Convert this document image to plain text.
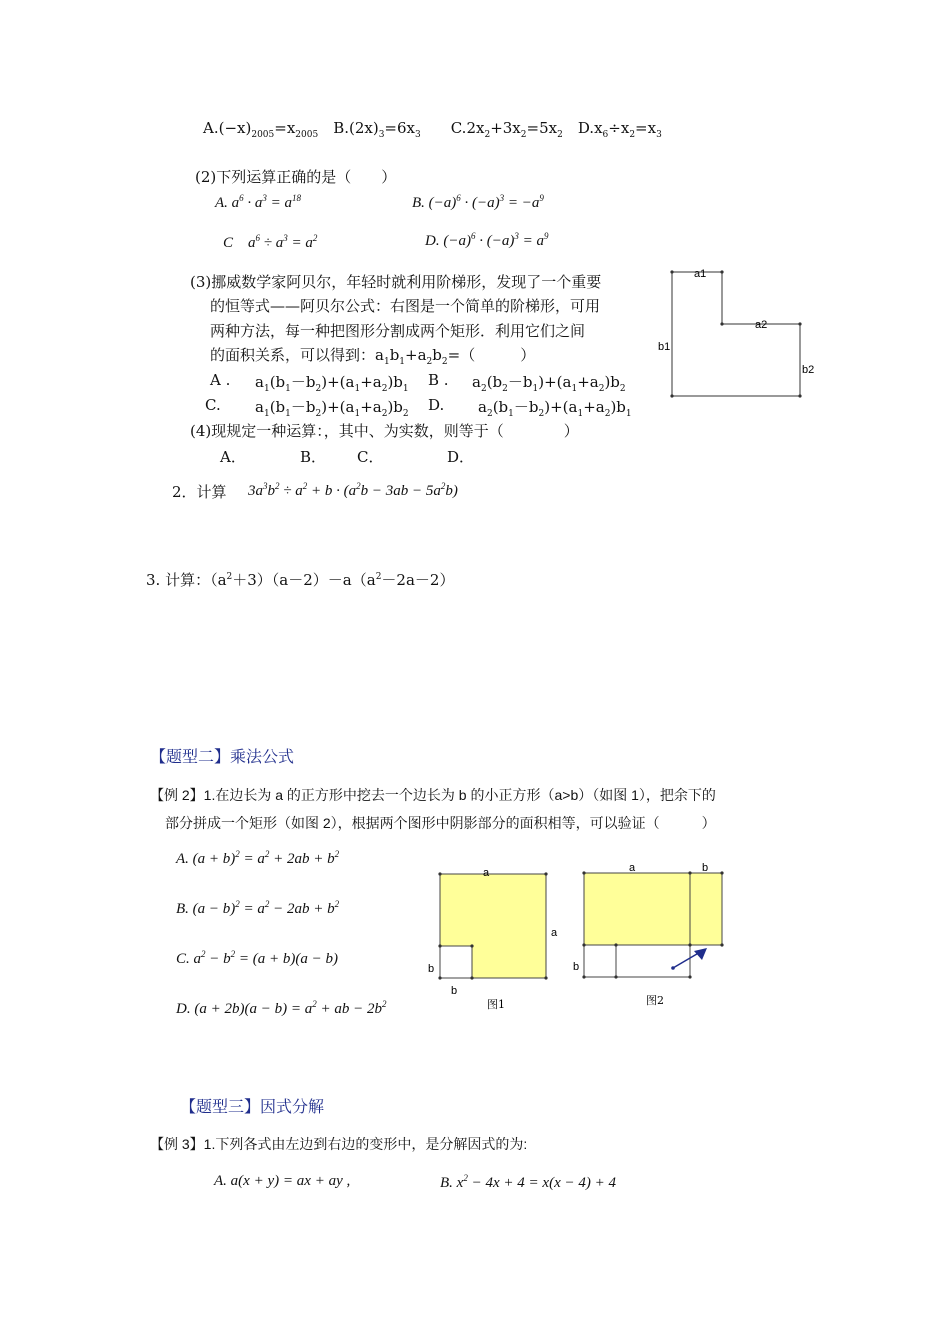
$A.(-x)_{2005}=x_{2005}$　$B.(2x)_3=6x_3$　　$C.2x_2+3x_2=5x_2$　$D.x_6\div x_2=x_3$
(2)下列运算正确的是（　　）
A. $a^6 \cdot a^3 = a^{18}$	B. $(-a)^6 \cdot (-a)^3 = -a^9$
C　$a^6 \div a^3 = a^2$	D. $(-a)^6 \cdot (-a)^3 = a^9$
(3)挪威数学家阿贝尔，年轻时就利用阶梯形，发现了一个重要
的恒等式——阿贝尔公式：右图是一个简单的阶梯形，可用
两种方法，每一种把图形分割成两个矩形．利用它们之间
的面积关系，可以得到：$a_1b_1+a_2b_2=$（　　　）
A . $a_1(b_1-b_2)+(a_1+a_2)b_1$ B . $a_2(b_2-b_1)+(a_1+a_2)b_2$
C. $a_1(b_1-b_2)+(a_1+a_2)b_2$ D. $a_2(b_1-b_2)+(a_1+a_2)b_1$
a1
a2
b1
b2
(4)现规定一种运算：，其中、为实数，则等于（　　　　）
A．	B． C．	D．
2．计算 $3a^3b^2 \div a^2 + b \cdot (a^2b - 3ab - 5a^2b)$
3. 计算：$(a^2+3)(a-2)-a(a^2-2a-2)$
【题型二】乘法公式
【例 2】1.在边长为 a 的正方形中挖去一个边长为 b 的小正方形（a>b）（如图 1），把余下的
部分拼成一个矩形（如图 2），根据两个图形中阴影部分的面积相等，可以验证（　　　）
A. $(a + b)^2 = a^2 + 2ab + b^2$
B. $(a - b)^2 = a^2 - 2ab + b^2$
C. $a^2 - b^2 = (a + b)(a - b)$
D. $(a + 2b)(a - b) = a^2$ + ab − $2b^2$
a
a
b
b
图1
a	b
b
图2
【题型三】因式分解
【例 3】1.下列各式由左边到右边的变形中，是分解因式的为:
A. a(x + y) = ax + ay ,	B. $x^2 - 4x + 4 = x(x - 4) + 4$
